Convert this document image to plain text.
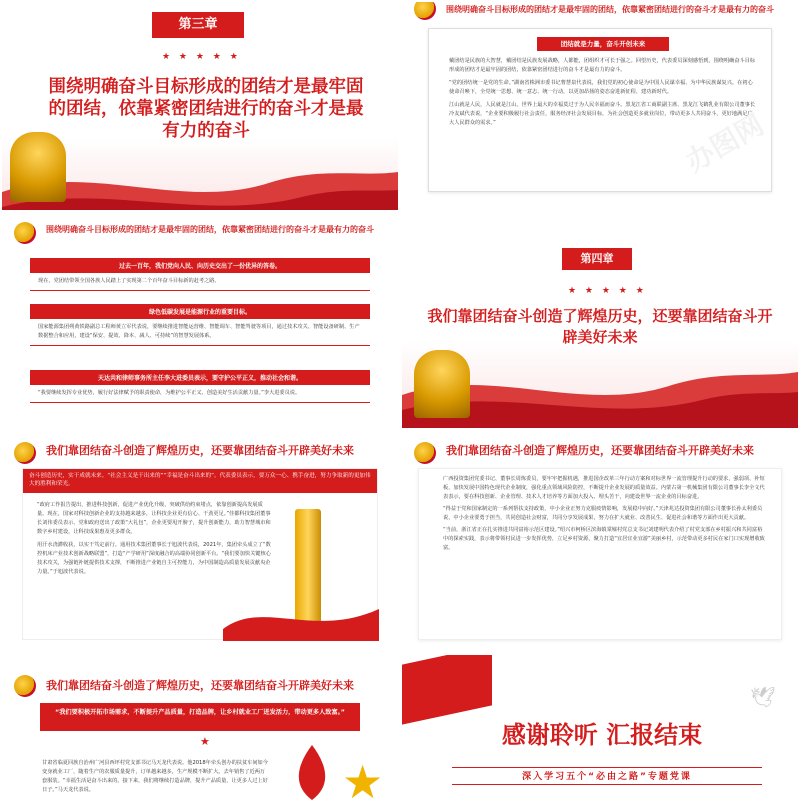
第三章
★ ★ ★ ★ ★
围绕明确奋斗目标形成的团结才是最牢固的团结，依靠紧密团结进行的奋斗才是最有力的奋斗
围绕明确奋斗目标形成的团结才是最牢固的团结，依靠紧密团结进行的奋斗才是最有力的奋斗
团结就是力量，奋斗开创未来

戴团结是民族的大智慧，戴团结是民族发展战略，人都能，团组织才可长于强之。回望历史，代表委员深刻感悟到，围绕明确奋斗目标形成的团结才是最牢固的团结，依靠紧密团结进行的奋斗才是最有力的奋斗。

“党的团结统一是党的生命。”湖南省株洲市委书记曹慧泉代表说，我们党的初心使命是为中国人民谋幸福、为中华民族谋复兴。在初心使命召唤下，全党统一思想、统一意志、统一行动，以更加昂扬的姿态奋进新征程、建功新时代。

江山就是人民，人民就是江山。世界上最大的幸福莫过于为人民幸福而奋斗。黑龙江省工商联副主席、黑龙江飞鹤乳业有限公司董事长冷友斌代表说，“企业要积极履行社会责任，服务经济社会发展目标，为社会创造更多就业岗位，带动更多人共同奋斗，更好地满足广大人民群众的需求。”	办图网
围绕明确奋斗目标形成的团结才是最牢固的团结，依靠紧密团结进行的奋斗才是最有力的奋斗
过去一百年，我们党向人民、向历史交出了一份优异的答卷。
现在，党团结带领全国各族人民踏上了实现第二个百年奋斗目标新的赶考之路。
绿色低碳发展是能源行业的重要目标。
国家能源集团朔黄铁路副总工程师黄立军代表说，要继续推进智能运营维、智能调车、智能驾驶等项目，通过技术攻关、智能设备研制、生产数据整合和应用，建设“保安、提效、降本、减人、可持续”的智慧发展体系。
天达共和律师事务所主任李大进委员表示，要守护公平正义，推动社会和谐。
“我要继续发挥专业优势，履行好法律赋予的职责使命，为维护公平正义、创造美好生活贡献力量。”李大进委员说。
第四章
★ ★ ★ ★ ★
我们靠团结奋斗创造了辉煌历史，还要靠团结奋斗开辟美好未来
我们靠团结奋斗创造了辉煌历史，还要靠团结奋斗开辟美好未来
奋斗创造历史，实干成就未来。“社会主义是干出来的”“幸福是奋斗出来的”。代表委员表示，要万众一心、携手奋进，努力争取新的更加伟大的胜利和荣光。

“政府工作报告提出，推进科技创新，促进产业优化升级，突破供给约束堵点，依靠创新提高发展质量。现在，国家对科技创新企业的支持越来越多，让科技企业更有信心、干劲更足。”佳都科技集团董事长刘伟委员表示。党和政府送出了政策“大礼包”，企业更要甩开膀子，提升创新能力，助力智慧城市和数字乡村建设，让科技成果惠及更多群众。

用汗水浇灌收获，以实干笃定前行。通用技术集团董事长于旭波代表说，2021年，集团牵头成立了“数控机床产业技术创新战略联盟”，打造“产学研用”深度融合的高端协同创新平台。“我们要加快关键核心技术攻关，为强链补链提供技术支撑，不断推进产业链自主可控能力，为中国制造高质量发展贡献央企力量。”于旭波代表说。

我们靠团结奋斗创造了辉煌历史，还要靠团结奋斗开辟美好未来

广西投资集团党委书记、董事长周炼委员，要牢牢把握机遇，推进国企改革三年行动方案和对标世界一流管理提升行动的要求，强弱项、补短板，加快发展中国特色现代企业制度，强化重点领域风险防控，不断提升企业发展的质量效益。内蒙古第一机械集团有限公司董事长李全文代表表示，要在科技创新、企业管理、技术人才培养等方面加大投入、埋头苦干，向建设世界一流企业的目标奋进。

“得益于党和国家制定的一系列帮扶支持政策，中小企业正努力克服疫情影响，发展稳中向好。”天津兆达投资集团有限公司董事长孙太利委员说，中小企业要勇于担当，共同创造社会财富，共同分享发展成果，努力在扩大就业、改善民生、促进社会和谐等方面作出更大贡献。

“当前，浙江省正在扎实推进共同富裕示范区建设。”绍兴市柯桥区滨海镇棠墟村党总支书记刘建明代表介绍了村党支部在乡村振兴和共同富裕中的探索实践，表示将带领村民进一步发挥优势，立足乡村资源，聚力打造“宜居宜业宜游”美丽乡村，示范带动更多村民在家门口实现增收致富。

我们靠团结奋斗创造了辉煌历史，还要靠团结奋斗开辟美好未来
“我们要积极开拓市场需求，不断提升产品质量，打造品牌，让乡村就业工厂迸发活力，带动更多人致富。”
★
甘肃省临夏回族自治州广河县西坪村党支部书记马天龙代表说。他2018年牵头创办的扶贫车间如今变身就业工厂，随着生产的农服质量提升，订单越来越多，生产规模不断扩大。去年销售了近两万套服装。“幸福生活是奋斗出来的。接下来，我们将继续打造品牌，提升产品质量，让更多人过上好日子。”马天龙代表说。	★
🕊
感谢聆听 汇报结束
深入学习五个“必由之路”专题党课
